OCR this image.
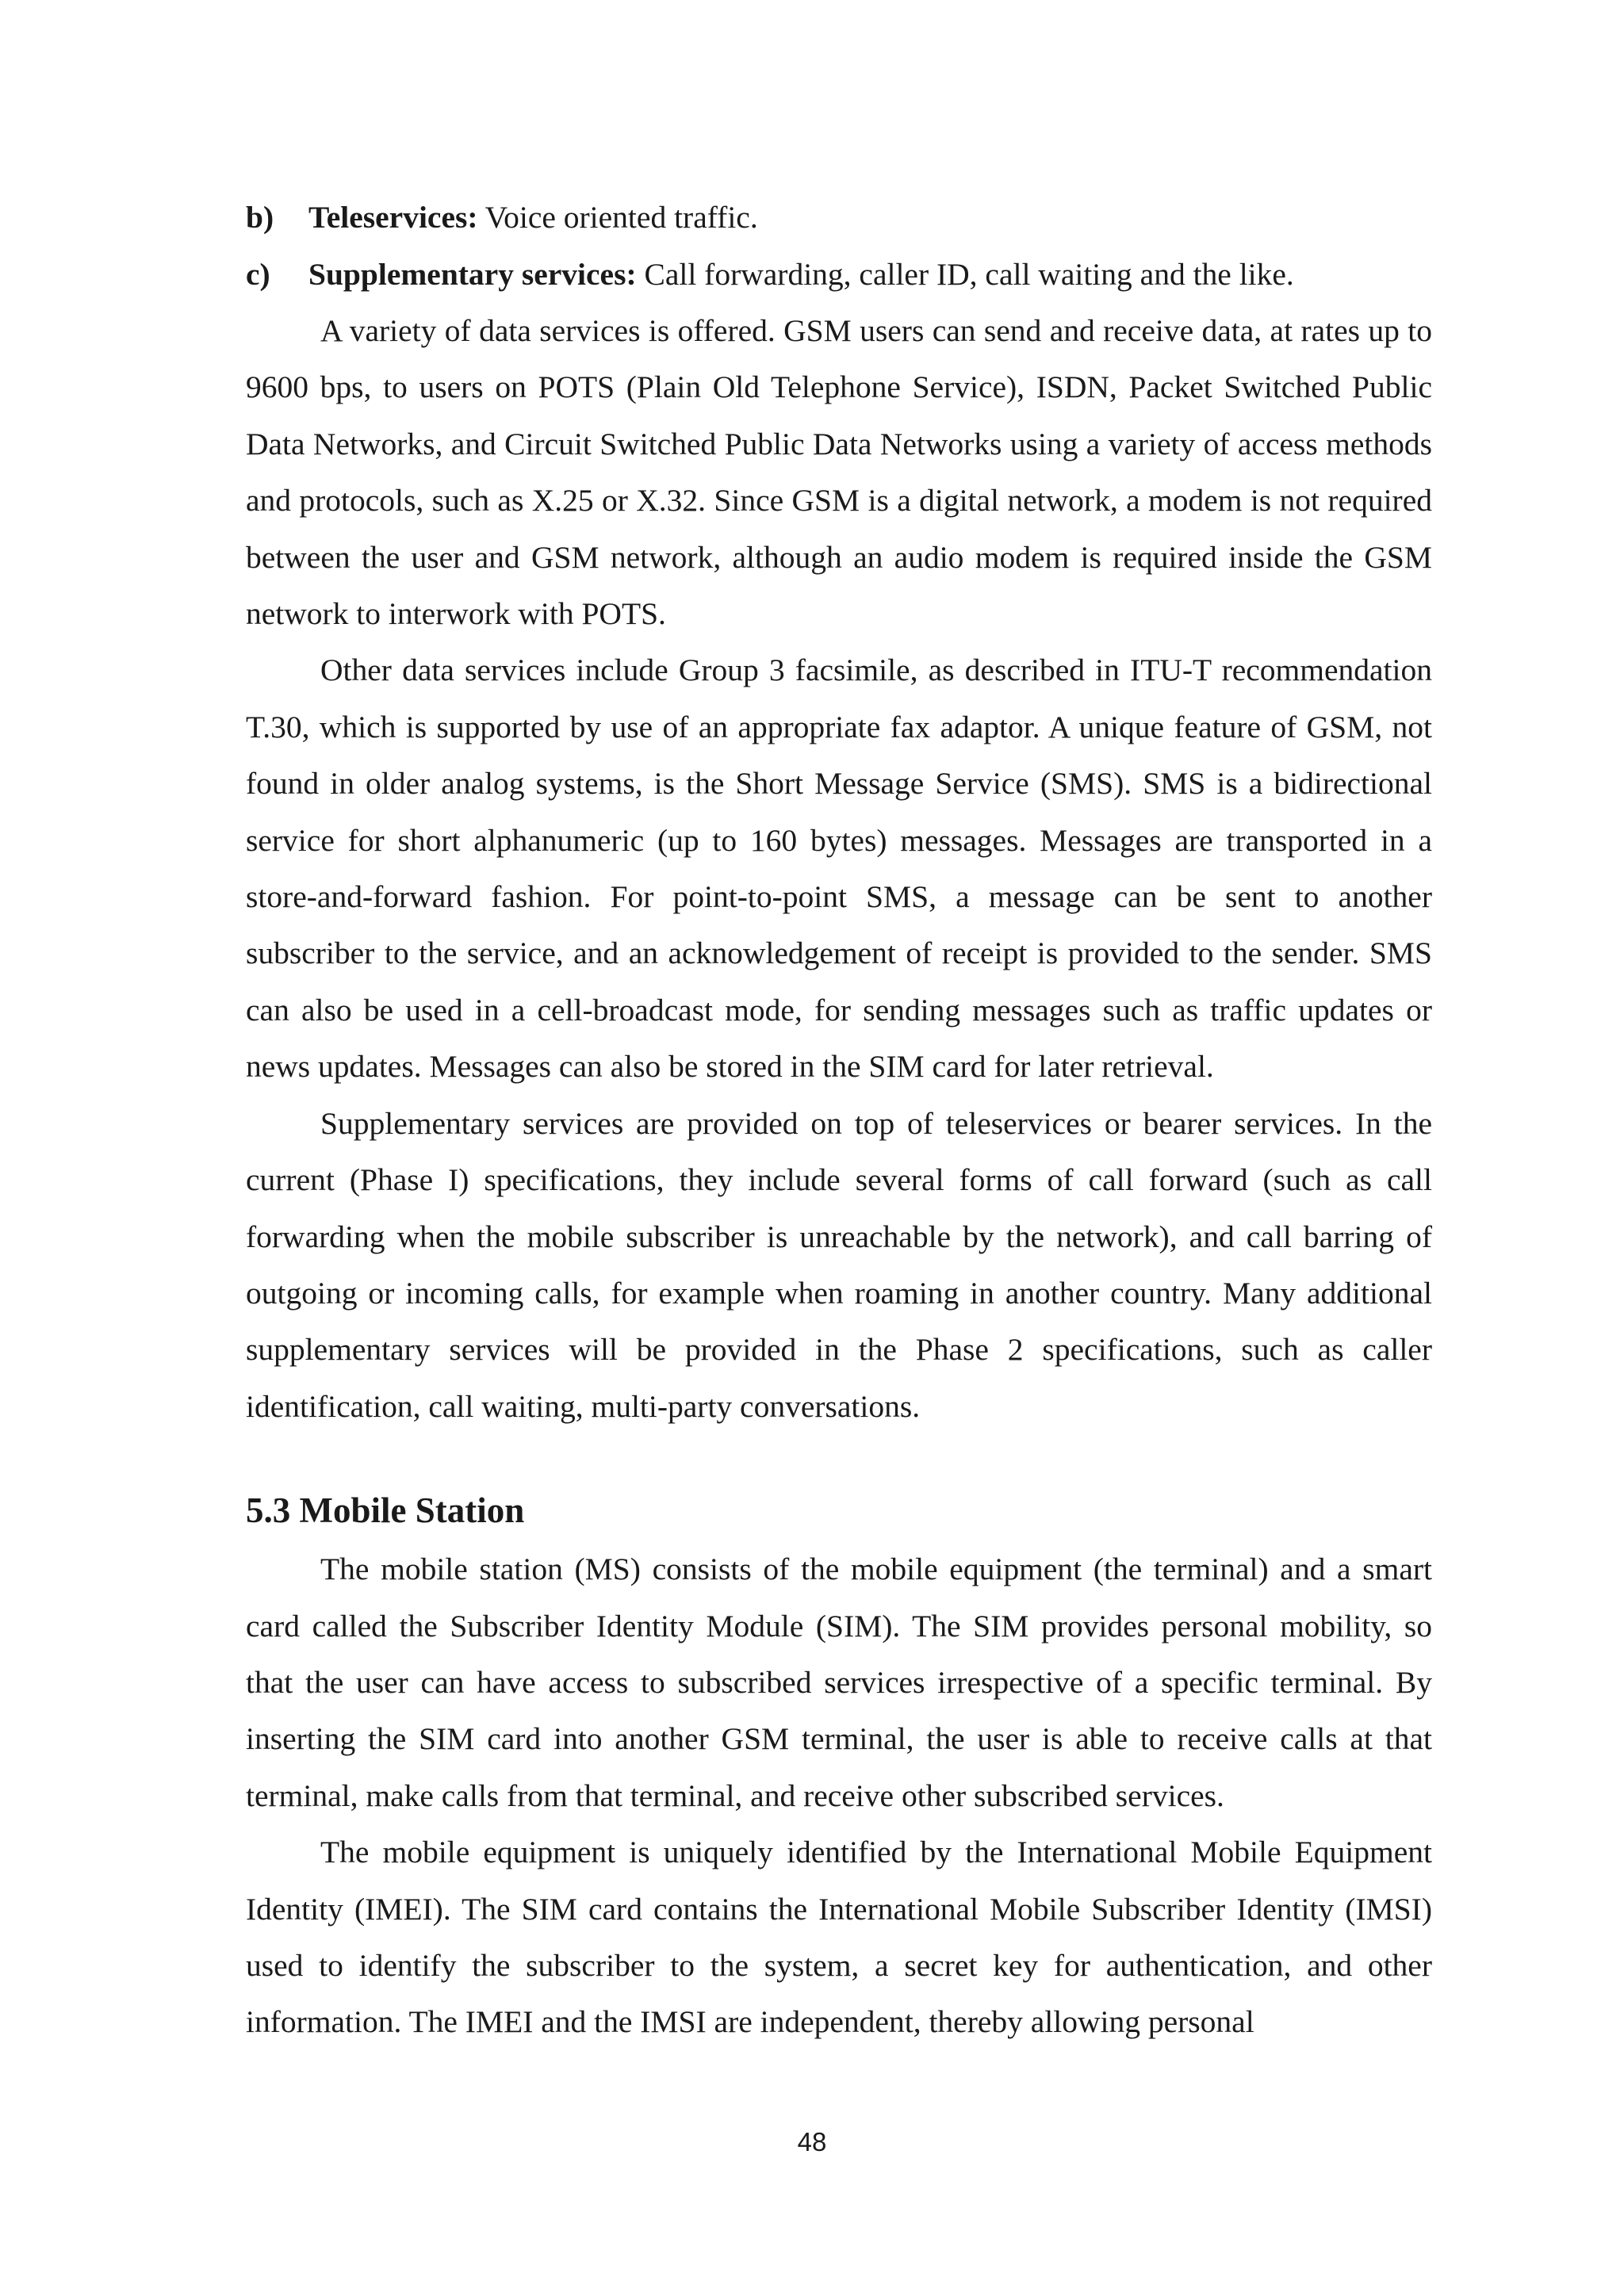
b) Teleservices: Voice oriented traffic.
c) Supplementary services: Call forwarding, caller ID, call waiting and the like.

A variety of data services is offered. GSM users can send and receive data, at rates up to 9600 bps, to users on POTS (Plain Old Telephone Service), ISDN, Packet Switched Public Data Networks, and Circuit Switched Public Data Networks using a variety of access methods and protocols, such as X.25 or X.32. Since GSM is a digital network, a modem is not required between the user and GSM network, although an audio modem is required inside the GSM network to interwork with POTS.

Other data services include Group 3 facsimile, as described in ITU-T recommendation T.30, which is supported by use of an appropriate fax adaptor. A unique feature of GSM, not found in older analog systems, is the Short Message Service (SMS). SMS is a bidirectional service for short alphanumeric (up to 160 bytes) messages. Messages are transported in a store-and-forward fashion. For point-to-point SMS, a message can be sent to another subscriber to the service, and an acknowledgement of receipt is provided to the sender. SMS can also be used in a cell-broadcast mode, for sending messages such as traffic updates or news updates. Messages can also be stored in the SIM card for later retrieval.

Supplementary services are provided on top of teleservices or bearer services. In the current (Phase I) specifications, they include several forms of call forward (such as call forwarding when the mobile subscriber is unreachable by the network), and call barring of outgoing or incoming calls, for example when roaming in another country. Many additional supplementary services will be provided in the Phase 2 specifications, such as caller identification, call waiting, multi-party conversations.

5.3 Mobile Station

The mobile station (MS) consists of the mobile equipment (the terminal) and a smart card called the Subscriber Identity Module (SIM). The SIM provides personal mobility, so that the user can have access to subscribed services irrespective of a specific terminal. By inserting the SIM card into another GSM terminal, the user is able to receive calls at that terminal, make calls from that terminal, and receive other subscribed services.

The mobile equipment is uniquely identified by the International Mobile Equipment Identity (IMEI). The SIM card contains the International Mobile Subscriber Identity (IMSI) used to identify the subscriber to the system, a secret key for authentication, and other information. The IMEI and the IMSI are independent, thereby allowing personal

48
